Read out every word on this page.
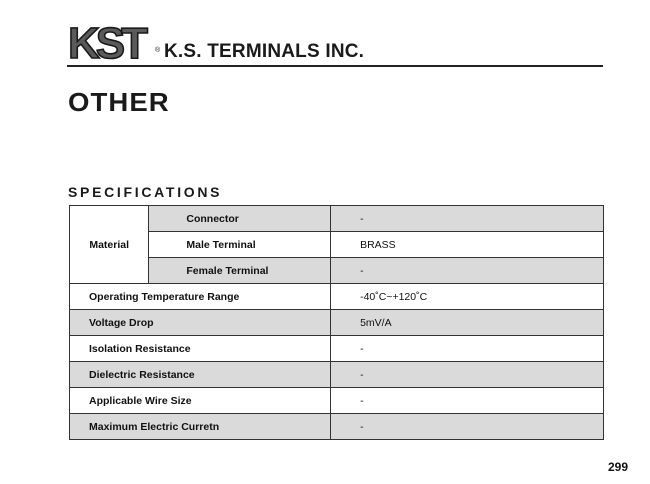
KST	® K.S. TERMINALS INC.
OTHER
SPECIFICATIONS
Material	Connector	-
	Male Terminal	BRASS
	Female Terminal	-
Operating Temperature Range		-40˚C~+120˚C
Voltage Drop		5mV/A
Isolation Resistance		-
Dielectric Resistance		-
Applicable Wire Size		-
Maximum Electric Curretn		-
299
